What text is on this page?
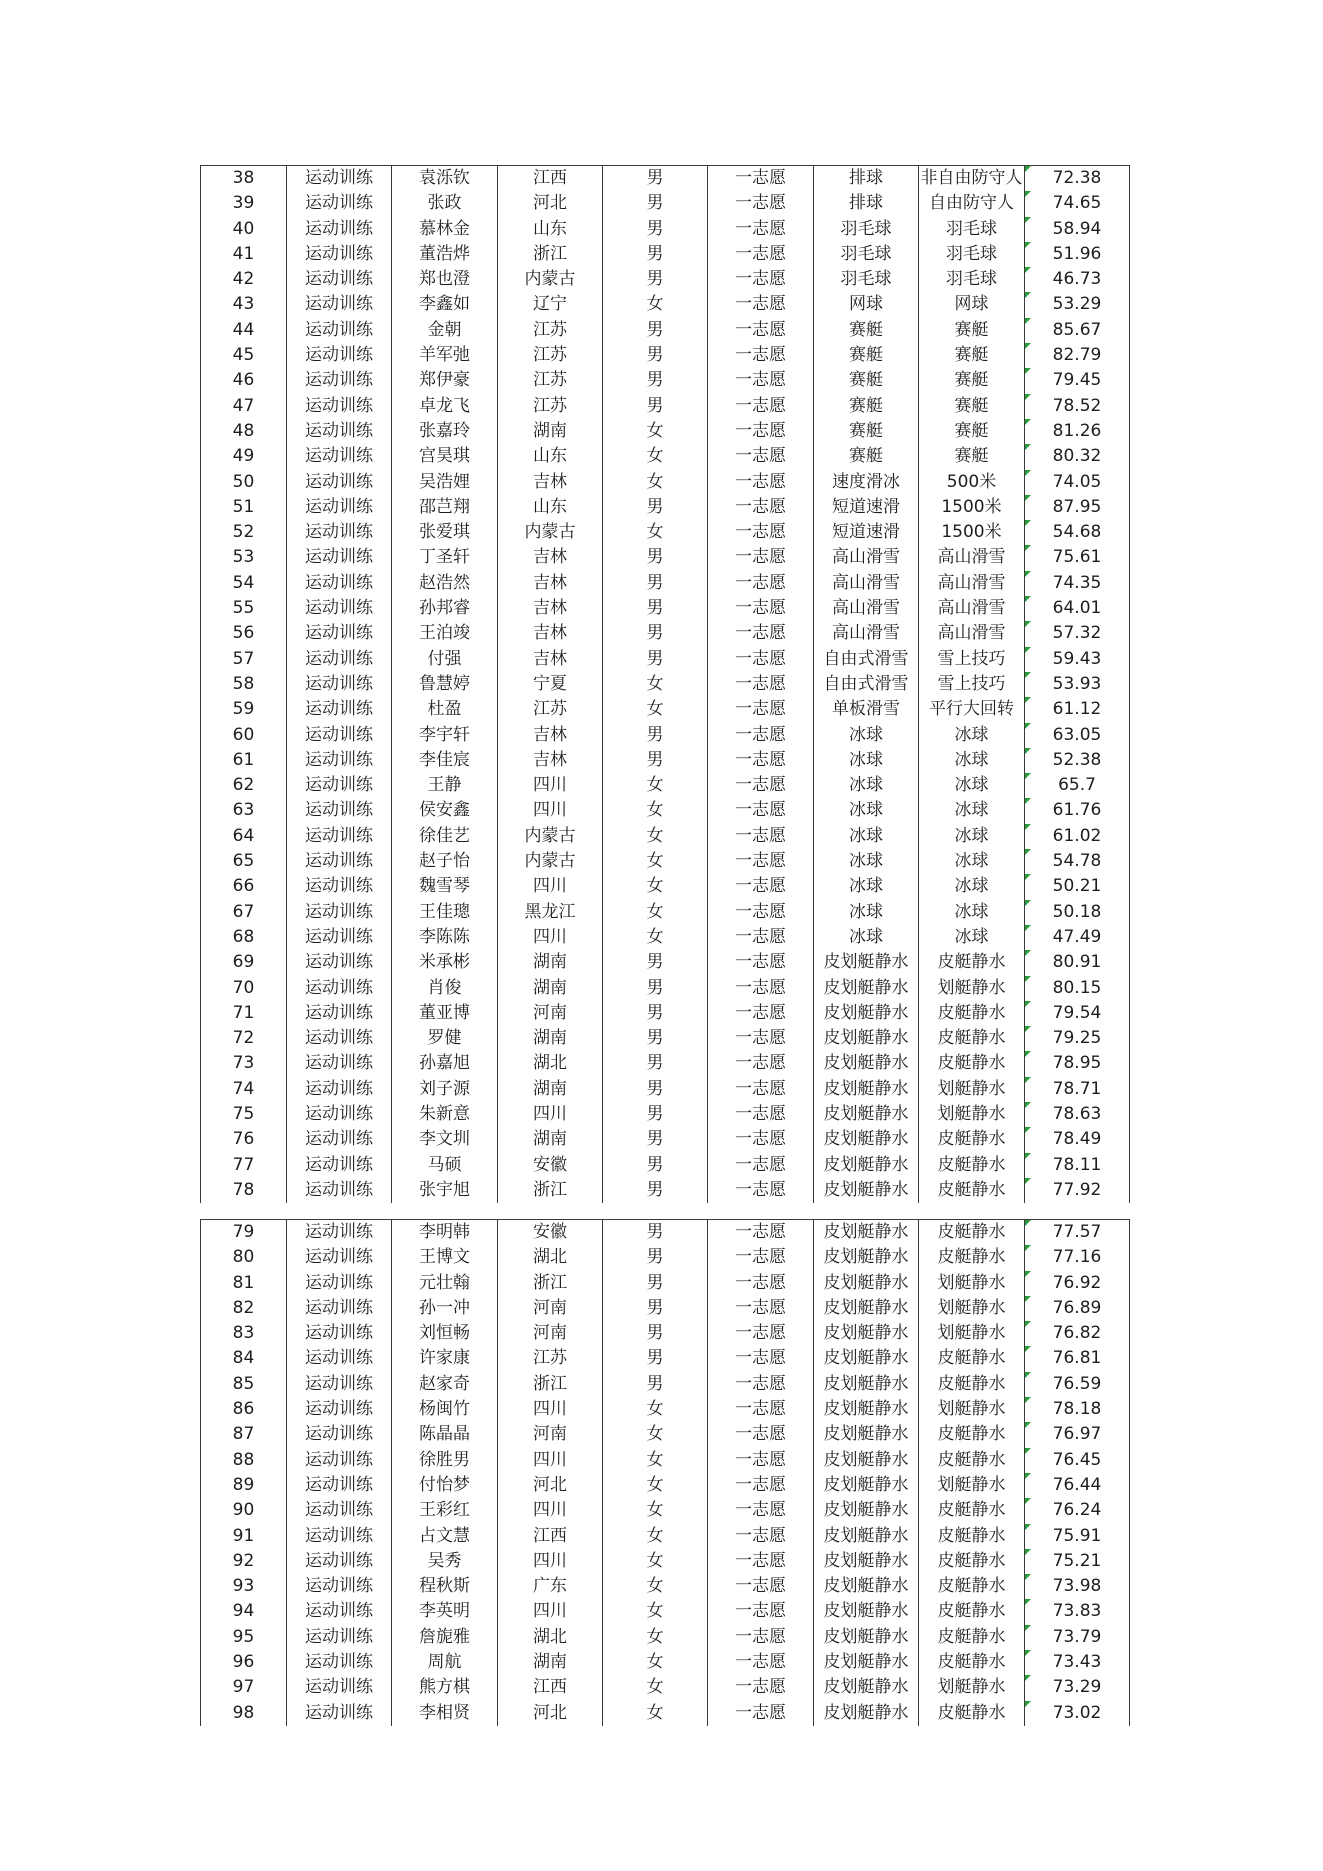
38	运动训练	袁泺钦	江西	男	一志愿	排球	非自由防守人	72.38
39	运动训练	张政	河北	男	一志愿	排球	自由防守人	74.65
40	运动训练	慕林金	山东	男	一志愿	羽毛球	羽毛球	58.94
41	运动训练	董浩烨	浙江	男	一志愿	羽毛球	羽毛球	51.96
42	运动训练	郑也澄	内蒙古	男	一志愿	羽毛球	羽毛球	46.73
43	运动训练	李鑫如	辽宁	女	一志愿	网球	网球	53.29
44	运动训练	金朝	江苏	男	一志愿	赛艇	赛艇	85.67
45	运动训练	羊军弛	江苏	男	一志愿	赛艇	赛艇	82.79
46	运动训练	郑伊豪	江苏	男	一志愿	赛艇	赛艇	79.45
47	运动训练	卓龙飞	江苏	男	一志愿	赛艇	赛艇	78.52
48	运动训练	张嘉玲	湖南	女	一志愿	赛艇	赛艇	81.26
49	运动训练	宫昊琪	山东	女	一志愿	赛艇	赛艇	80.32
50	运动训练	吴浩娌	吉林	女	一志愿	速度滑冰	500米	74.05
51	运动训练	邵芑翔	山东	男	一志愿	短道速滑	1500米	87.95
52	运动训练	张爱琪	内蒙古	女	一志愿	短道速滑	1500米	54.68
53	运动训练	丁圣轩	吉林	男	一志愿	高山滑雪	高山滑雪	75.61
54	运动训练	赵浩然	吉林	男	一志愿	高山滑雪	高山滑雪	74.35
55	运动训练	孙邦睿	吉林	男	一志愿	高山滑雪	高山滑雪	64.01
56	运动训练	王泊竣	吉林	男	一志愿	高山滑雪	高山滑雪	57.32
57	运动训练	付强	吉林	男	一志愿	自由式滑雪	雪上技巧	59.43
58	运动训练	鲁慧婷	宁夏	女	一志愿	自由式滑雪	雪上技巧	53.93
59	运动训练	杜盈	江苏	女	一志愿	单板滑雪	平行大回转	61.12
60	运动训练	李宇轩	吉林	男	一志愿	冰球	冰球	63.05
61	运动训练	李佳宸	吉林	男	一志愿	冰球	冰球	52.38
62	运动训练	王静	四川	女	一志愿	冰球	冰球	65.7
63	运动训练	侯安鑫	四川	女	一志愿	冰球	冰球	61.76
64	运动训练	徐佳艺	内蒙古	女	一志愿	冰球	冰球	61.02
65	运动训练	赵子怡	内蒙古	女	一志愿	冰球	冰球	54.78
66	运动训练	魏雪琴	四川	女	一志愿	冰球	冰球	50.21
67	运动训练	王佳璁	黑龙江	女	一志愿	冰球	冰球	50.18
68	运动训练	李陈陈	四川	女	一志愿	冰球	冰球	47.49
69	运动训练	米承彬	湖南	男	一志愿	皮划艇静水	皮艇静水	80.91
70	运动训练	肖俊	湖南	男	一志愿	皮划艇静水	划艇静水	80.15
71	运动训练	董亚博	河南	男	一志愿	皮划艇静水	皮艇静水	79.54
72	运动训练	罗健	湖南	男	一志愿	皮划艇静水	皮艇静水	79.25
73	运动训练	孙嘉旭	湖北	男	一志愿	皮划艇静水	皮艇静水	78.95
74	运动训练	刘子源	湖南	男	一志愿	皮划艇静水	划艇静水	78.71
75	运动训练	朱新意	四川	男	一志愿	皮划艇静水	划艇静水	78.63
76	运动训练	李文圳	湖南	男	一志愿	皮划艇静水	皮艇静水	78.49
77	运动训练	马硕	安徽	男	一志愿	皮划艇静水	皮艇静水	78.11
78	运动训练	张宇旭	浙江	男	一志愿	皮划艇静水	皮艇静水	77.92
79	运动训练	李明韩	安徽	男	一志愿	皮划艇静水	皮艇静水	77.57
80	运动训练	王博文	湖北	男	一志愿	皮划艇静水	皮艇静水	77.16
81	运动训练	元壮翰	浙江	男	一志愿	皮划艇静水	划艇静水	76.92
82	运动训练	孙一冲	河南	男	一志愿	皮划艇静水	划艇静水	76.89
83	运动训练	刘恒畅	河南	男	一志愿	皮划艇静水	划艇静水	76.82
84	运动训练	许家康	江苏	男	一志愿	皮划艇静水	皮艇静水	76.81
85	运动训练	赵家奇	浙江	男	一志愿	皮划艇静水	皮艇静水	76.59
86	运动训练	杨闽竹	四川	女	一志愿	皮划艇静水	划艇静水	78.18
87	运动训练	陈晶晶	河南	女	一志愿	皮划艇静水	皮艇静水	76.97
88	运动训练	徐胜男	四川	女	一志愿	皮划艇静水	皮艇静水	76.45
89	运动训练	付怡梦	河北	女	一志愿	皮划艇静水	划艇静水	76.44
90	运动训练	王彩红	四川	女	一志愿	皮划艇静水	皮艇静水	76.24
91	运动训练	占文慧	江西	女	一志愿	皮划艇静水	皮艇静水	75.91
92	运动训练	吴秀	四川	女	一志愿	皮划艇静水	皮艇静水	75.21
93	运动训练	程秋斯	广东	女	一志愿	皮划艇静水	皮艇静水	73.98
94	运动训练	李英明	四川	女	一志愿	皮划艇静水	皮艇静水	73.83
95	运动训练	詹旎雅	湖北	女	一志愿	皮划艇静水	皮艇静水	73.79
96	运动训练	周航	湖南	女	一志愿	皮划艇静水	皮艇静水	73.43
97	运动训练	熊方棋	江西	女	一志愿	皮划艇静水	划艇静水	73.29
98	运动训练	李相贤	河北	女	一志愿	皮划艇静水	皮艇静水	73.02
